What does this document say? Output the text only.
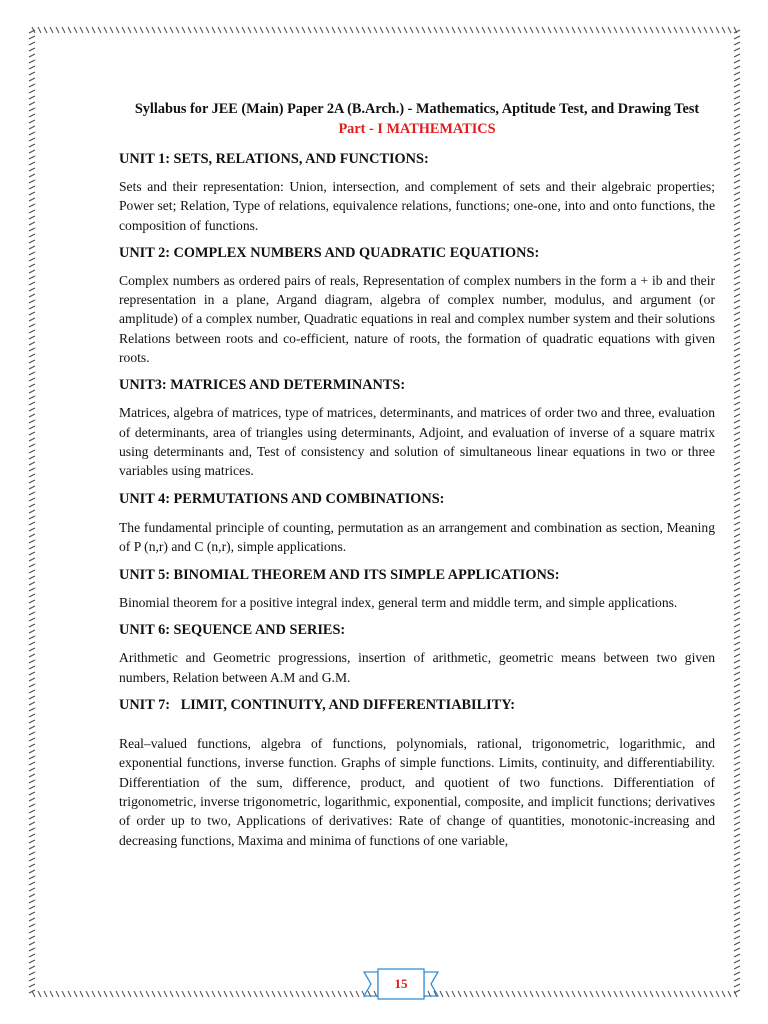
Syllabus for JEE (Main) Paper 2A (B.Arch.) - Mathematics, Aptitude Test, and Drawing Test

Part - I MATHEMATICS

UNIT 1: SETS, RELATIONS, AND FUNCTIONS:

Sets and their representation: Union, intersection, and complement of sets and their algebraic properties; Power set; Relation, Type of relations, equivalence relations, functions; one-one, into and onto functions, the composition of functions.

UNIT 2: COMPLEX NUMBERS AND QUADRATIC EQUATIONS:

Complex numbers as ordered pairs of reals, Representation of complex numbers in the form a + ib and their representation in a plane, Argand diagram, algebra of complex number, modulus, and argument (or amplitude) of a complex number, Quadratic equations in real and complex number system and their solutions Relations between roots and co-efficient, nature of roots, the formation of quadratic equations with given roots.

UNIT3: MATRICES AND DETERMINANTS:

Matrices, algebra of matrices, type of matrices, determinants, and matrices of order two and three, evaluation of determinants, area of triangles using determinants, Adjoint, and evaluation of inverse of a square matrix using determinants and, Test of consistency and solution of simultaneous linear equations in two or three variables using matrices.

UNIT 4: PERMUTATIONS AND COMBINATIONS:

The fundamental principle of counting, permutation as an arrangement and combination as section, Meaning of P (n,r) and C (n,r), simple applications.

UNIT 5: BINOMIAL THEOREM AND ITS SIMPLE APPLICATIONS:

Binomial theorem for a positive integral index, general term and middle term, and simple applications.

UNIT 6: SEQUENCE AND SERIES:

Arithmetic and Geometric progressions, insertion of arithmetic, geometric means between two given numbers, Relation between A.M and G.M.

UNIT 7:   LIMIT, CONTINUITY, AND DIFFERENTIABILITY:

Real–valued functions, algebra of functions, polynomials, rational, trigonometric, logarithmic, and exponential functions, inverse function. Graphs of simple functions. Limits, continuity, and differentiability. Differentiation of the sum, difference, product, and quotient of two functions. Differentiation of trigonometric, inverse trigonometric, logarithmic, exponential, composite, and implicit functions; derivatives of order up to two, Applications of derivatives: Rate of change of quantities, monotonic-increasing and decreasing functions, Maxima and minima of functions of one variable,

15
